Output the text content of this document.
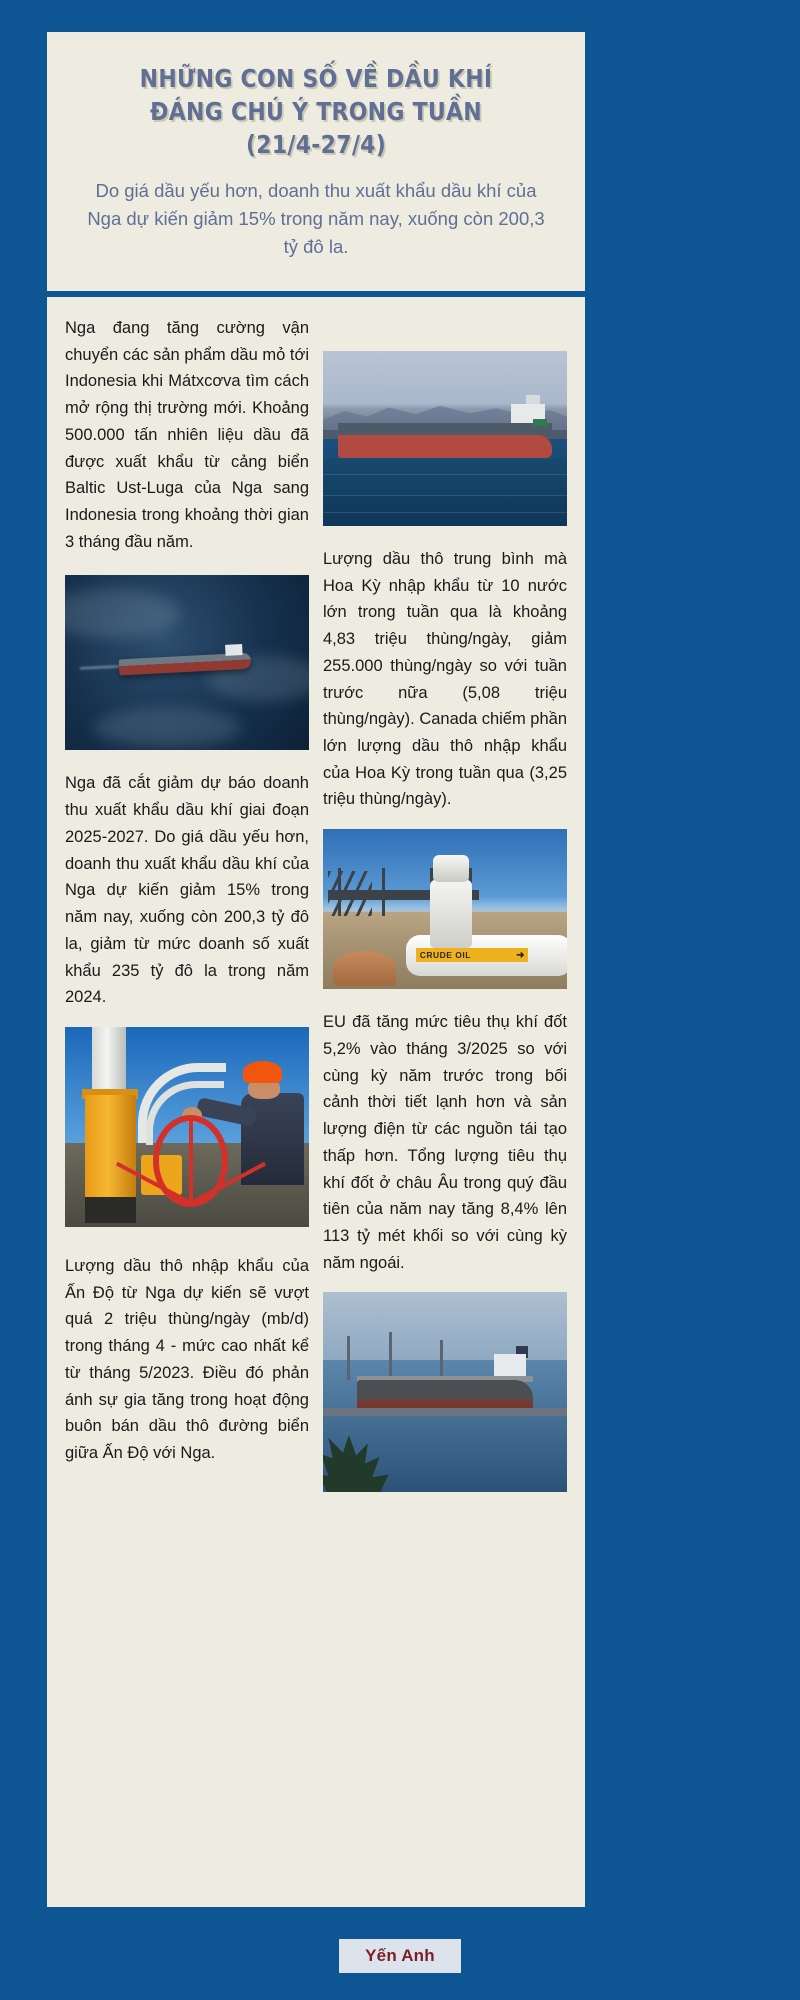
NHỮNG CON SỐ VỀ DẦU KHÍ ĐÁNG CHÚ Ý TRONG TUẦN (21/4-27/4)
Do giá dầu yếu hơn, doanh thu xuất khẩu dầu khí của Nga dự kiến giảm 15% trong năm nay, xuống còn 200,3 tỷ đô la.

Nga đang tăng cường vận chuyển các sản phẩm dầu mỏ tới Indonesia khi Mátxcơva tìm cách mở rộng thị trường mới. Khoảng 500.000 tấn nhiên liệu dầu đã được xuất khẩu từ cảng biển Baltic Ust-Luga của Nga sang Indonesia trong khoảng thời gian 3 tháng đầu năm.

Nga đã cắt giảm dự báo doanh thu xuất khẩu dầu khí giai đoạn 2025-2027. Do giá dầu yếu hơn, doanh thu xuất khẩu dầu khí của Nga dự kiến giảm 15% trong năm nay, xuống còn 200,3 tỷ đô la, giảm từ mức doanh số xuất khẩu 235 tỷ đô la trong năm 2024.

Lượng dầu thô nhập khẩu của Ấn Độ từ Nga dự kiến sẽ vượt quá 2 triệu thùng/ngày (mb/d) trong tháng 4 - mức cao nhất kể từ tháng 5/2023. Điều đó phản ánh sự gia tăng trong hoạt động buôn bán dầu thô đường biển giữa Ấn Độ với Nga.

Lượng dầu thô trung bình mà Hoa Kỳ nhập khẩu từ 10 nước lớn trong tuần qua là khoảng 4,83 triệu thùng/ngày, giảm 255.000 thùng/ngày so với tuần trước nữa (5,08 triệu thùng/ngày). Canada chiếm phần lớn lượng dầu thô nhập khẩu của Hoa Kỳ trong tuần qua (3,25 triệu thùng/ngày).

CRUDE OIL	➜

EU đã tăng mức tiêu thụ khí đốt 5,2% vào tháng 3/2025 so với cùng kỳ năm trước trong bối cảnh thời tiết lạnh hơn và sản lượng điện từ các nguồn tái tạo thấp hơn. Tổng lượng tiêu thụ khí đốt ở châu Âu trong quý đầu tiên của năm nay tăng 8,4% lên 113 tỷ mét khối so với cùng kỳ năm ngoái.

Yến Anh
